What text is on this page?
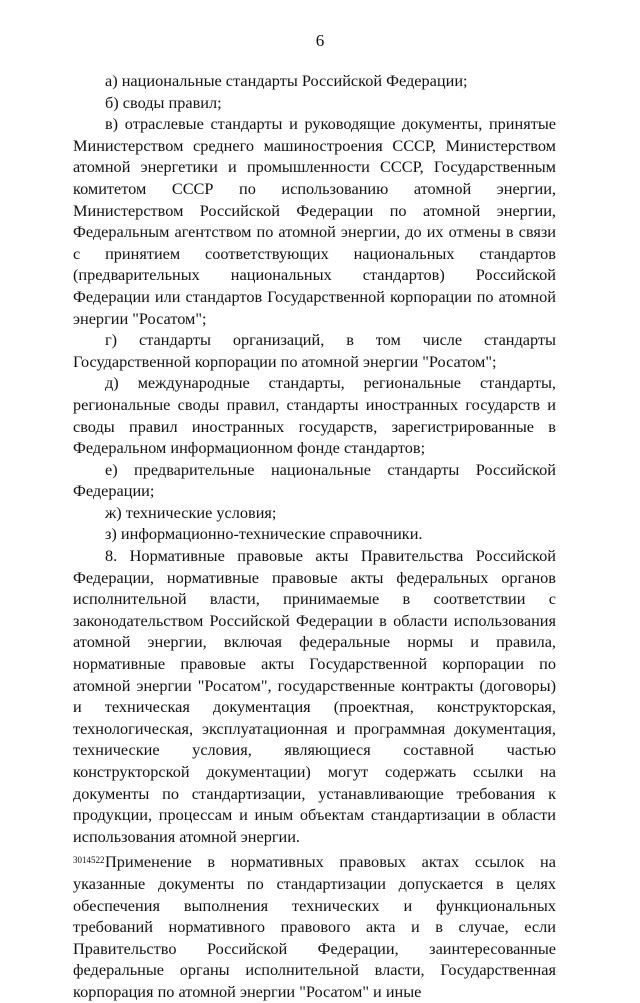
6

а) национальные стандарты Российской Федерации;

б) своды правил;

в) отраслевые стандарты и руководящие документы, принятые Министерством среднего машиностроения СССР, Министерством атомной энергетики и промышленности СССР, Государственным комитетом СССР по использованию атомной энергии, Министерством Российской Федерации по атомной энергии, Федеральным агентством по атомной энергии, до их отмены в связи с принятием соответствующих национальных стандартов (предварительных национальных стандартов) Российской Федерации или стандартов Государственной корпорации по атомной энергии "Росатом";

г) стандарты организаций, в том числе стандарты Государственной корпорации по атомной энергии "Росатом";

д) международные стандарты, региональные стандарты, региональные своды правил, стандарты иностранных государств и своды правил иностранных государств, зарегистрированные в Федеральном информационном фонде стандартов;

е) предварительные национальные стандарты Российской Федерации;

ж) технические условия;

з) информационно-технические справочники.

8. Нормативные правовые акты Правительства Российской Федерации, нормативные правовые акты федеральных органов исполнительной власти, принимаемые в соответствии с законодательством Российской Федерации в области использования атомной энергии, включая федеральные нормы и правила, нормативные правовые акты Государственной корпорации по атомной энергии "Росатом", государственные контракты (договоры) и техническая документация (проектная, конструкторская, технологическая, эксплуатационная и программная документация, технические условия, являющиеся составной частью конструкторской документации) могут содержать ссылки на документы по стандартизации, устанавливающие требования к продукции, процессам и иным объектам стандартизации в области использования атомной энергии.

Применение в нормативных правовых актах ссылок на указанные документы по стандартизации допускается в целях обеспечения выполнения технических и функциональных требований нормативного правового акта и в случае, если Правительство Российской Федерации, заинтересованные федеральные органы исполнительной власти, Государственная корпорация по атомной энергии "Росатом" и иные

3014522
